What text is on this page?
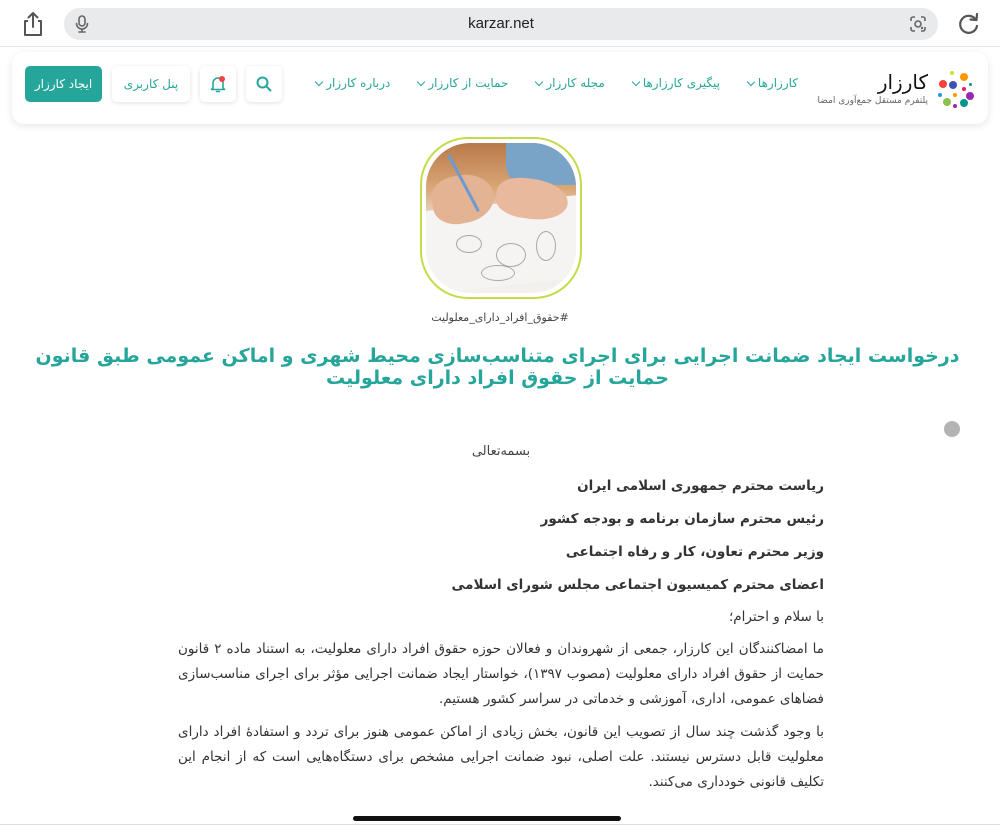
karzar.net
کارزار
پلتفرم مستقل جمع‌آوری امضا
کارزارها
پیگیری کارزارها
مجله کارزار
حمایت از کارزار
درباره کارزار
ایجاد کارزار	پنل کاربری
#حقوق_افراد_دارای_معلولیت
درخواست ایجاد ضمانت اجرایی برای اجرای متناسب‌سازی محیط شهری و اماکن عمومی طبق قانون حمایت از حقوق افراد دارای معلولیت
بسمه‌تعالی
ریاست محترم جمهوری اسلامی ایران
رئیس محترم سازمان برنامه و بودجه کشور
وزیر محترم تعاون، کار و رفاه اجتماعی
اعضای محترم کمیسیون اجتماعی مجلس شورای اسلامی
با سلام و احترام؛

ما امضاکنندگان این کارزار، جمعی از شهروندان و فعالان حوزه حقوق افراد دارای معلولیت، به استناد ماده ۲ قانون حمایت از حقوق افراد دارای معلولیت (مصوب ۱۳۹۷)، خواستار ایجاد ضمانت اجرایی مؤثر برای اجرای مناسب‌سازی فضاهای عمومی، اداری، آموزشی و خدماتی در سراسر کشور هستیم.

با وجود گذشت چند سال از تصویب این قانون، بخش زیادی از اماکن عمومی هنوز برای تردد و استفادهٔ افراد دارای معلولیت قابل دسترس نیستند. علت اصلی، نبود ضمانت اجرایی مشخص برای دستگاه‌هایی است که از انجام این تکلیف قانونی خودداری می‌کنند.
